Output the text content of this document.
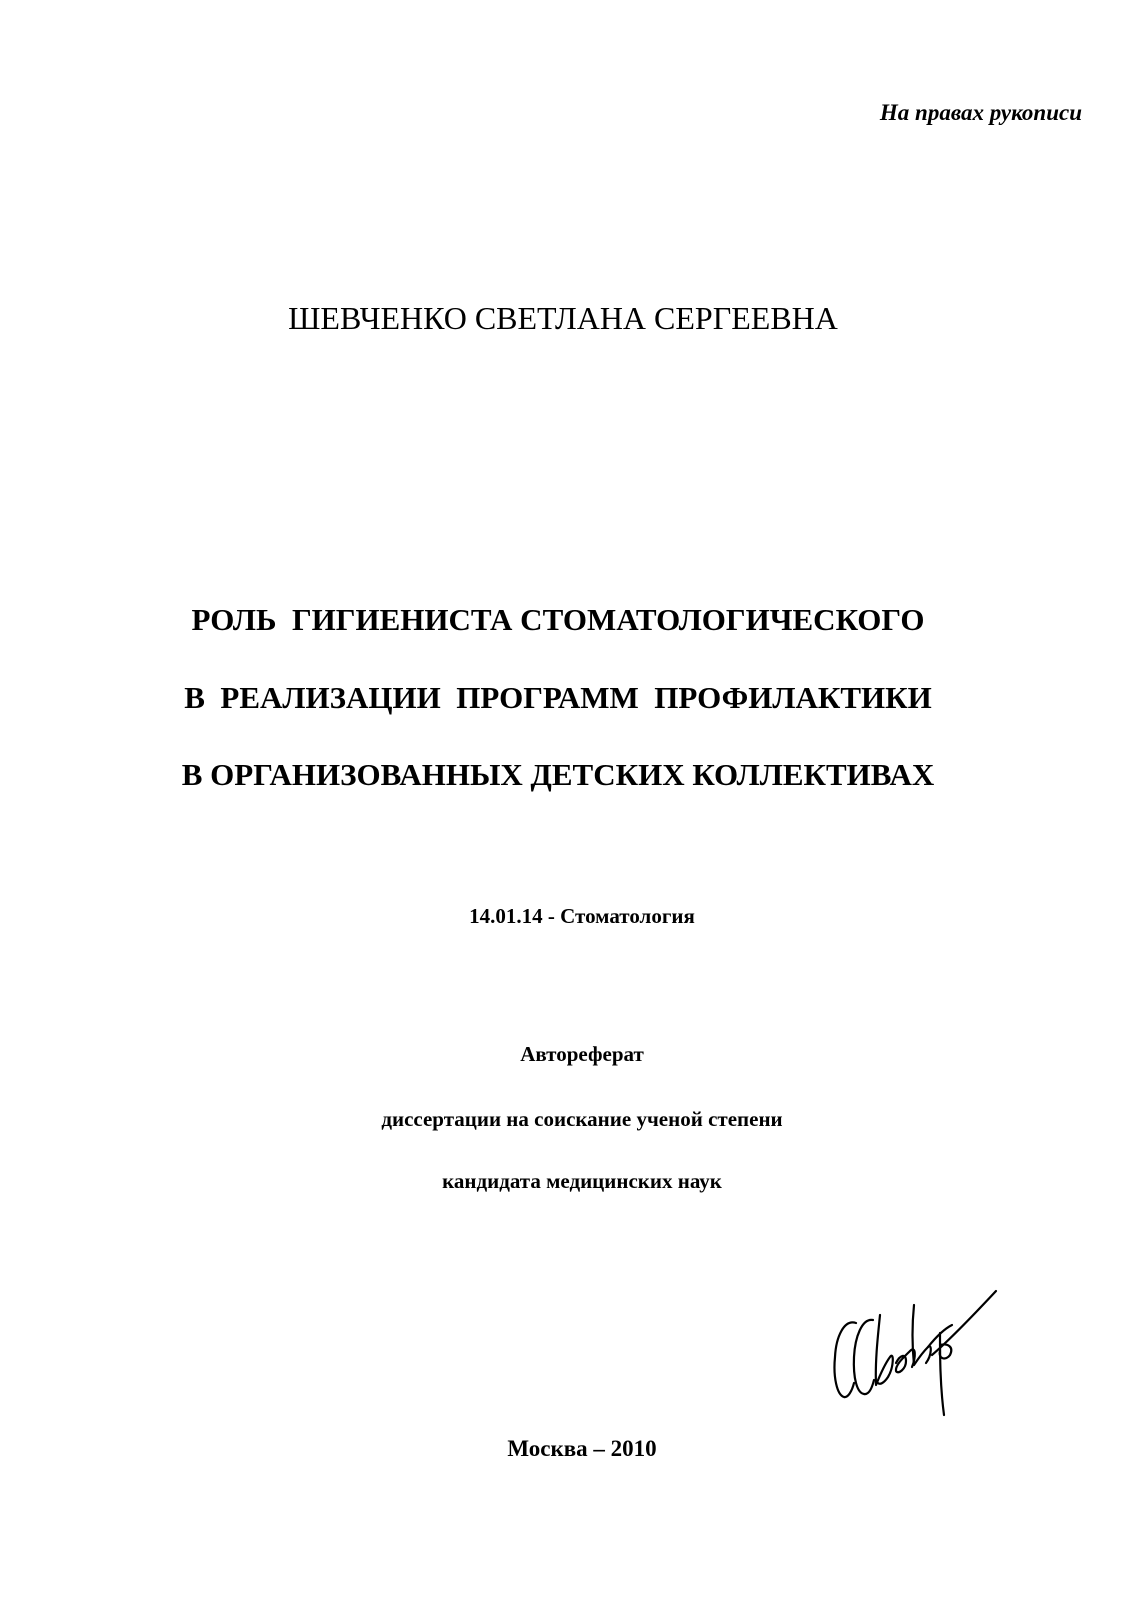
На правах рукописи
ШЕВЧЕНКО СВЕТЛАНА СЕРГЕЕВНА
РОЛЬ  ГИГИЕНИСТА СТОМАТОЛОГИЧЕСКОГО
В  РЕАЛИЗАЦИИ  ПРОГРАММ  ПРОФИЛАКТИКИ
В ОРГАНИЗОВАННЫХ ДЕТСКИХ КОЛЛЕКТИВАХ
14.01.14 - Стоматология
Автореферат
диссертации на соискание ученой степени
кандидата медицинских наук
Москва – 2010
